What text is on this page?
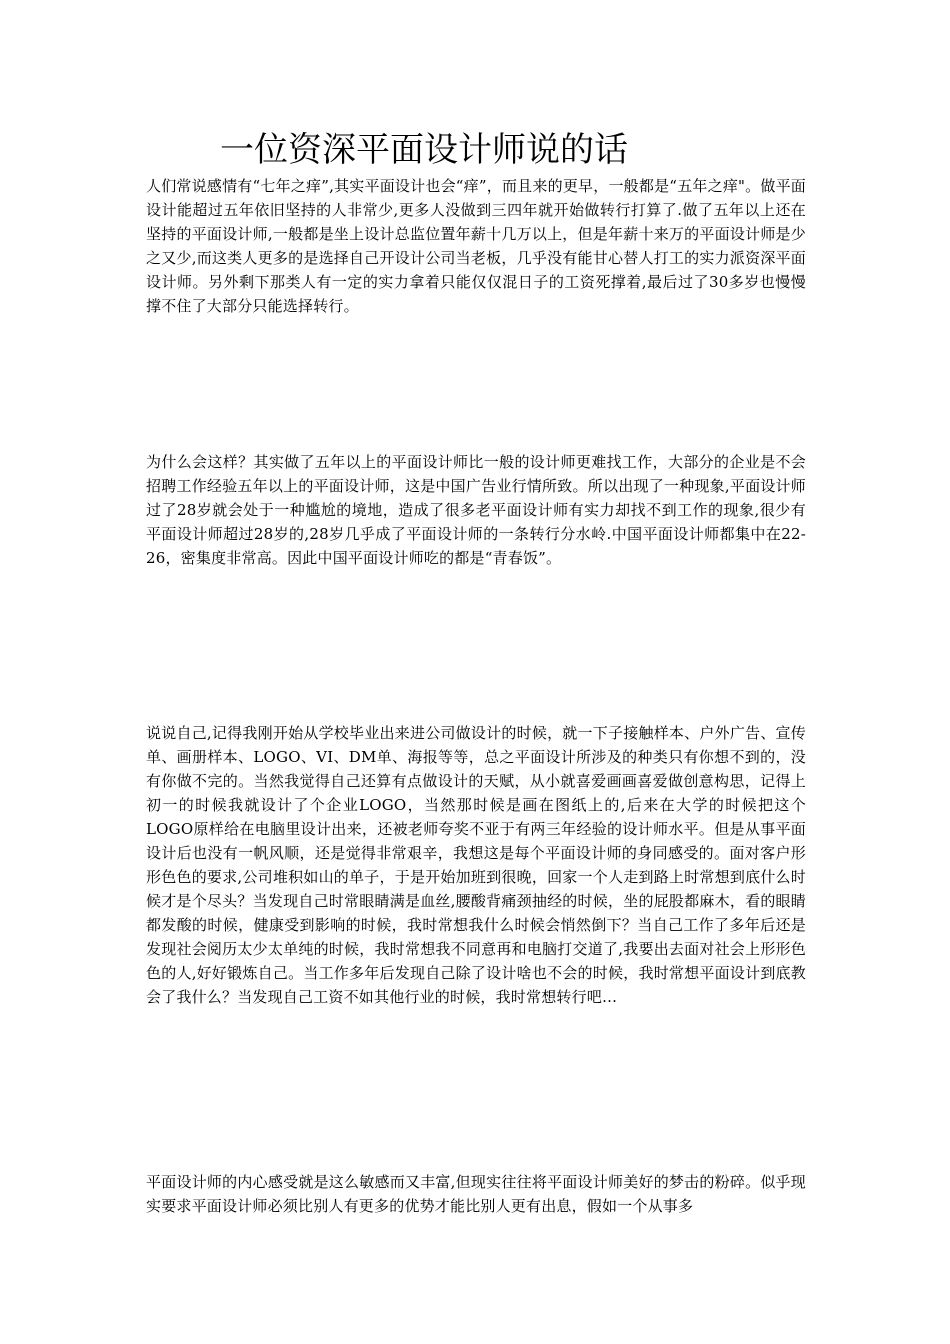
一位资深平面设计师说的话

人们常说感情有“七年之痒”,其实平面设计也会“痒”，而且来的更早，一般都是“五年之痒"。做平面设计能超过五年依旧坚持的人非常少,更多人没做到三四年就开始做转行打算了.做了五年以上还在坚持的平面设计师,一般都是坐上设计总监位置年薪十几万以上，但是年薪十来万的平面设计师是少之又少,而这类人更多的是选择自己开设计公司当老板，几乎没有能甘心替人打工的实力派资深平面设计师。另外剩下那类人有一定的实力拿着只能仅仅混日子的工资死撑着,最后过了30多岁也慢慢撑不住了大部分只能选择转行。

为什么会这样？其实做了五年以上的平面设计师比一般的设计师更难找工作，大部分的企业是不会招聘工作经验五年以上的平面设计师，这是中国广告业行情所致。所以出现了一种现象,平面设计师过了28岁就会处于一种尴尬的境地，造成了很多老平面设计师有实力却找不到工作的现象,很少有平面设计师超过28岁的,28岁几乎成了平面设计师的一条转行分水岭.中国平面设计师都集中在22-26，密集度非常高。因此中国平面设计师吃的都是“青春饭”。

说说自己,记得我刚开始从学校毕业出来进公司做设计的时候，就一下子接触样本、户外广告、宣传单、画册样本、LOGO、VI、DM单、海报等等，总之平面设计所涉及的种类只有你想不到的，没有你做不完的。当然我觉得自己还算有点做设计的天赋，从小就喜爱画画喜爱做创意构思，记得上初一的时候我就设计了个企业LOGO，当然那时候是画在图纸上的,后来在大学的时候把这个LOGO原样给在电脑里设计出来，还被老师夸奖不亚于有两三年经验的设计师水平。但是从事平面设计后也没有一帆风顺，还是觉得非常艰辛，我想这是每个平面设计师的身同感受的。面对客户形形色色的要求,公司堆积如山的单子，于是开始加班到很晚，回家一个人走到路上时常想到底什么时候才是个尽头？当发现自己时常眼睛满是血丝,腰酸背痛颈抽经的时候，坐的屁股都麻木，看的眼睛都发酸的时候，健康受到影响的时候，我时常想我什么时候会悄然倒下？当自己工作了多年后还是发现社会阅历太少太单纯的时候，我时常想我不同意再和电脑打交道了,我要出去面对社会上形形色色的人,好好锻炼自己。当工作多年后发现自己除了设计啥也不会的时候，我时常想平面设计到底教会了我什么？当发现自己工资不如其他行业的时候，我时常想转行吧…

平面设计师的内心感受就是这么敏感而又丰富,但现实往往将平面设计师美好的梦击的粉碎。似乎现实要求平面设计师必须比别人有更多的优势才能比别人更有出息，假如一个从事多
